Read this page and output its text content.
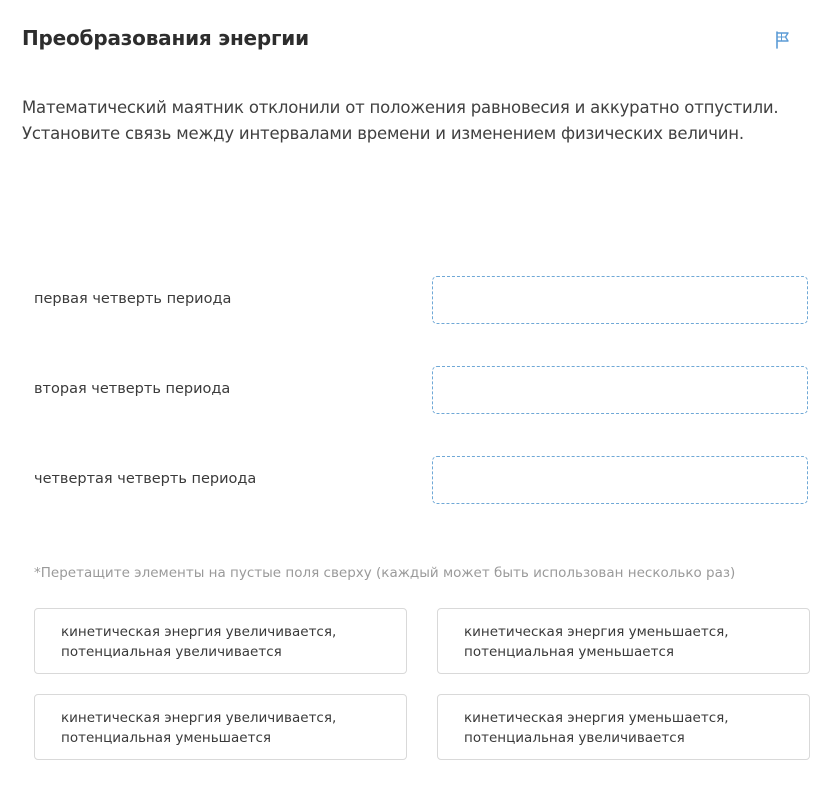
Преобразования энергии
Математический маятник отклонили от положения равновесия и аккуратно отпустили.
Установите связь между интервалами времени и изменением физических величин.
первая четверть периода
вторая четверть периода
четвертая четверть периода
*Перетащите элементы на пустые поля сверху (каждый может быть использован несколько раз)
кинетическая энергия увеличивается,
потенциальная увеличивается
кинетическая энергия уменьшается,
потенциальная уменьшается
кинетическая энергия увеличивается,
потенциальная уменьшается
кинетическая энергия уменьшается,
потенциальная увеличивается
